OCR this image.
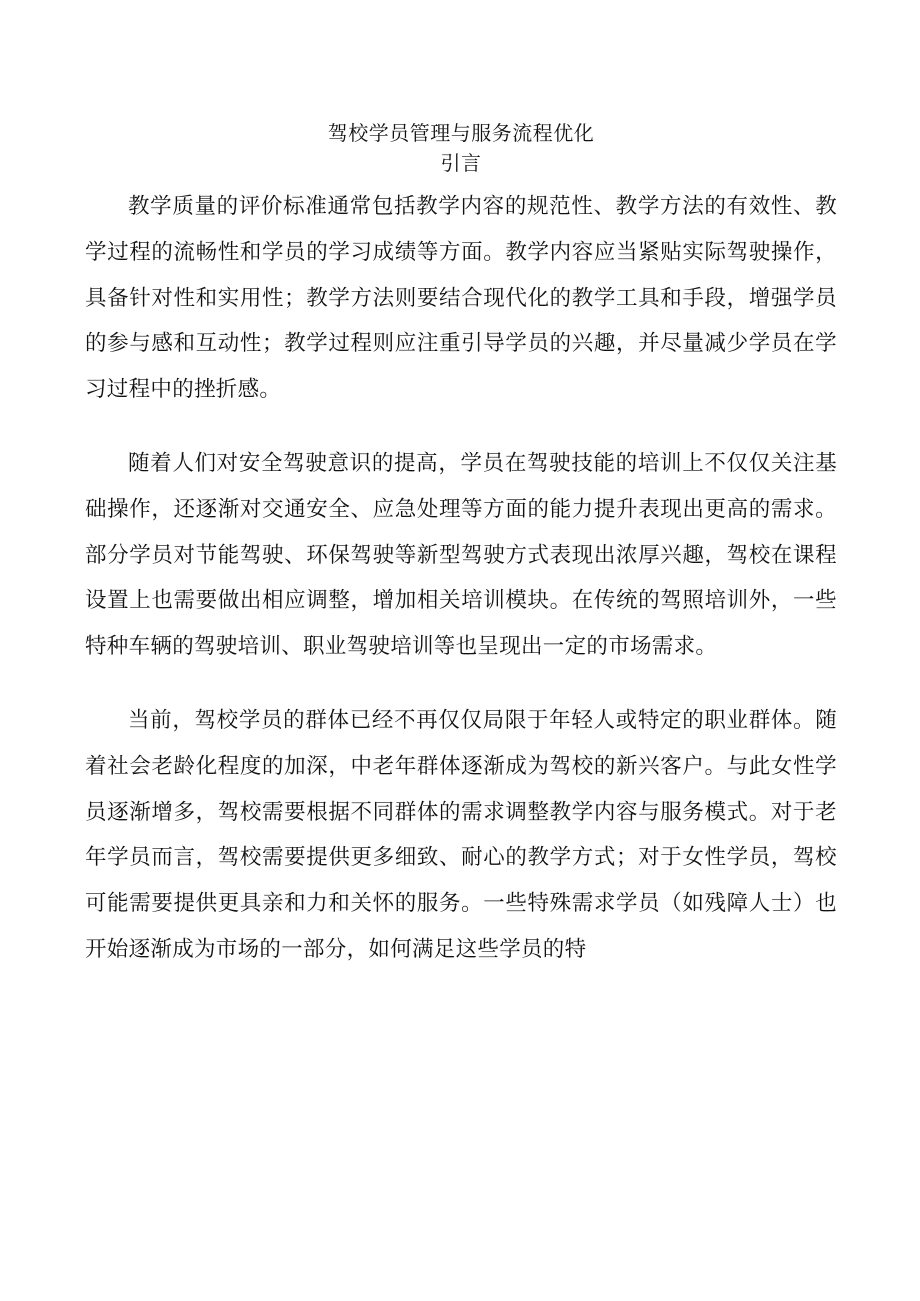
驾校学员管理与服务流程优化
引言

教学质量的评价标准通常包括教学内容的规范性、教学方法的有效性、教学过程的流畅性和学员的学习成绩等方面。教学内容应当紧贴实际驾驶操作，具备针对性和实用性；教学方法则要结合现代化的教学工具和手段，增强学员的参与感和互动性；教学过程则应注重引导学员的兴趣，并尽量减少学员在学习过程中的挫折感。

随着人们对安全驾驶意识的提高，学员在驾驶技能的培训上不仅仅关注基础操作，还逐渐对交通安全、应急处理等方面的能力提升表现出更高的需求。部分学员对节能驾驶、环保驾驶等新型驾驶方式表现出浓厚兴趣，驾校在课程设置上也需要做出相应调整，增加相关培训模块。在传统的驾照培训外，一些特种车辆的驾驶培训、职业驾驶培训等也呈现出一定的市场需求。

当前，驾校学员的群体已经不再仅仅局限于年轻人或特定的职业群体。随着社会老龄化程度的加深，中老年群体逐渐成为驾校的新兴客户。与此女性学员逐渐增多，驾校需要根据不同群体的需求调整教学内容与服务模式。对于老年学员而言，驾校需要提供更多细致、耐心的教学方式；对于女性学员，驾校可能需要提供更具亲和力和关怀的服务。一些特殊需求学员（如残障人士）也开始逐渐成为市场的一部分，如何满足这些学员的特
